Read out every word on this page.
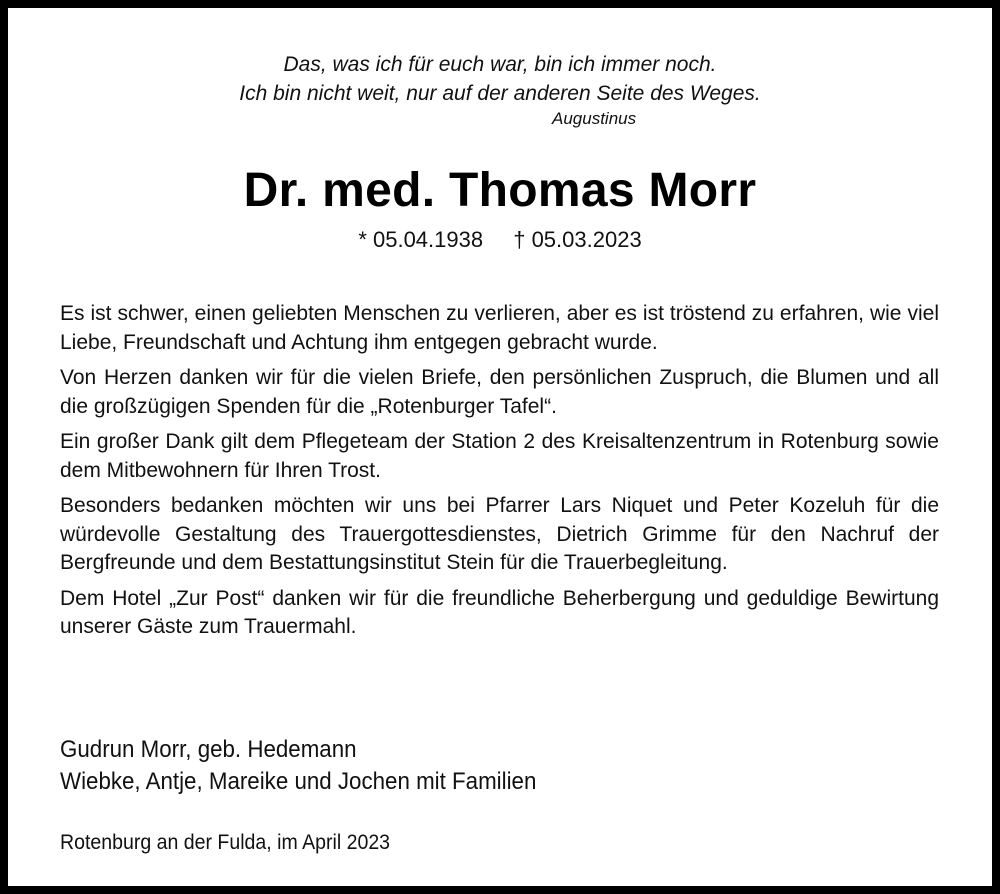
Das, was ich für euch war, bin ich immer noch.
Ich bin nicht weit, nur auf der anderen Seite des Weges.
Augustinus
Dr. med. Thomas Morr
* 05.04.1938 † 05.03.2023

Es ist schwer, einen geliebten Menschen zu verlieren, aber es ist tröstend zu erfahren, wie viel Liebe, Freundschaft und Achtung ihm entgegen gebracht wurde.

Von Herzen danken wir für die vielen Briefe, den persönlichen Zuspruch, die Blumen und all die großzügigen Spenden für die „Rotenburger Tafel“.

Ein großer Dank gilt dem Pflegeteam der Station 2 des Kreisaltenzentrum in Rotenburg sowie dem Mitbewohnern für Ihren Trost.

Besonders bedanken möchten wir uns bei Pfarrer Lars Niquet und Peter Kozeluh für die würdevolle Gestaltung des Trauergottesdienstes, Dietrich Grimme für den Nachruf der Bergfreunde und dem Bestattungsinstitut Stein für die Trauerbegleitung.

Dem Hotel „Zur Post“ danken wir für die freundliche Beherbergung und geduldige Bewirtung unserer Gäste zum Trauermahl.

Gudrun Morr, geb. Hedemann
Wiebke, Antje, Mareike und Jochen mit Familien
Rotenburg an der Fulda, im April 2023
